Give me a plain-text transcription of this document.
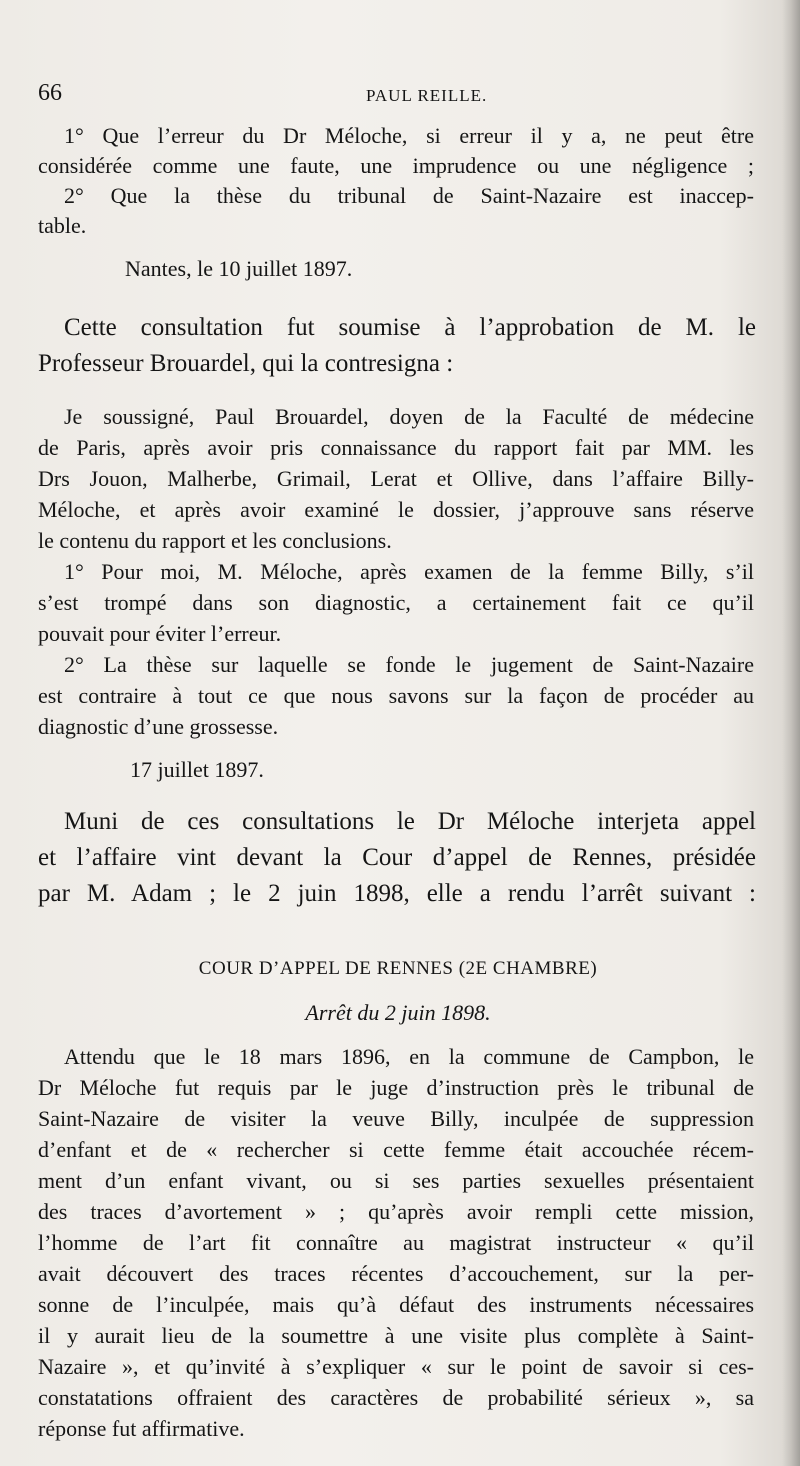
66	PAUL REILLE.
1° Que l’erreur du Dr Méloche, si erreur il y a, ne peut être
considérée comme une faute, une imprudence ou une négligence ;
2° Que la thèse du tribunal de Saint-Nazaire est inaccep-
table.
Nantes, le 10 juillet 1897.
Cette consultation fut soumise à l’approbation de M. le
Professeur Brouardel, qui la contresigna :
Je soussigné, Paul Brouardel, doyen de la Faculté de médecine
de Paris, après avoir pris connaissance du rapport fait par MM. les
Drs Jouon, Malherbe, Grimail, Lerat et Ollive, dans l’affaire Billy-
Méloche, et après avoir examiné le dossier, j’approuve sans réserve
le contenu du rapport et les conclusions.
1° Pour moi, M. Méloche, après examen de la femme Billy, s’il
s’est trompé dans son diagnostic, a certainement fait ce qu’il
pouvait pour éviter l’erreur.
2° La thèse sur laquelle se fonde le jugement de Saint-Nazaire
est contraire à tout ce que nous savons sur la façon de procéder au
diagnostic d’une grossesse.
17 juillet 1897.
Muni de ces consultations le Dr Méloche interjeta appel
et l’affaire vint devant la Cour d’appel de Rennes, présidée
par M. Adam ; le 2 juin 1898, elle a rendu l’arrêt suivant :
COUR D’APPEL DE RENNES (2E CHAMBRE)
Arrêt du 2 juin 1898.
Attendu que le 18 mars 1896, en la commune de Campbon, le
Dr Méloche fut requis par le juge d’instruction près le tribunal de
Saint-Nazaire de visiter la veuve Billy, inculpée de suppression
d’enfant et de « rechercher si cette femme était accouchée récem-
ment d’un enfant vivant, ou si ses parties sexuelles présentaient
des traces d’avortement » ; qu’après avoir rempli cette mission,
l’homme de l’art fit connaître au magistrat instructeur « qu’il
avait découvert des traces récentes d’accouchement, sur la per-
sonne de l’inculpée, mais qu’à défaut des instruments nécessaires
il y aurait lieu de la soumettre à une visite plus complète à Saint-
Nazaire », et qu’invité à s’expliquer « sur le point de savoir si ces-
constatations offraient des caractères de probabilité sérieux », sa
réponse fut affirmative.
